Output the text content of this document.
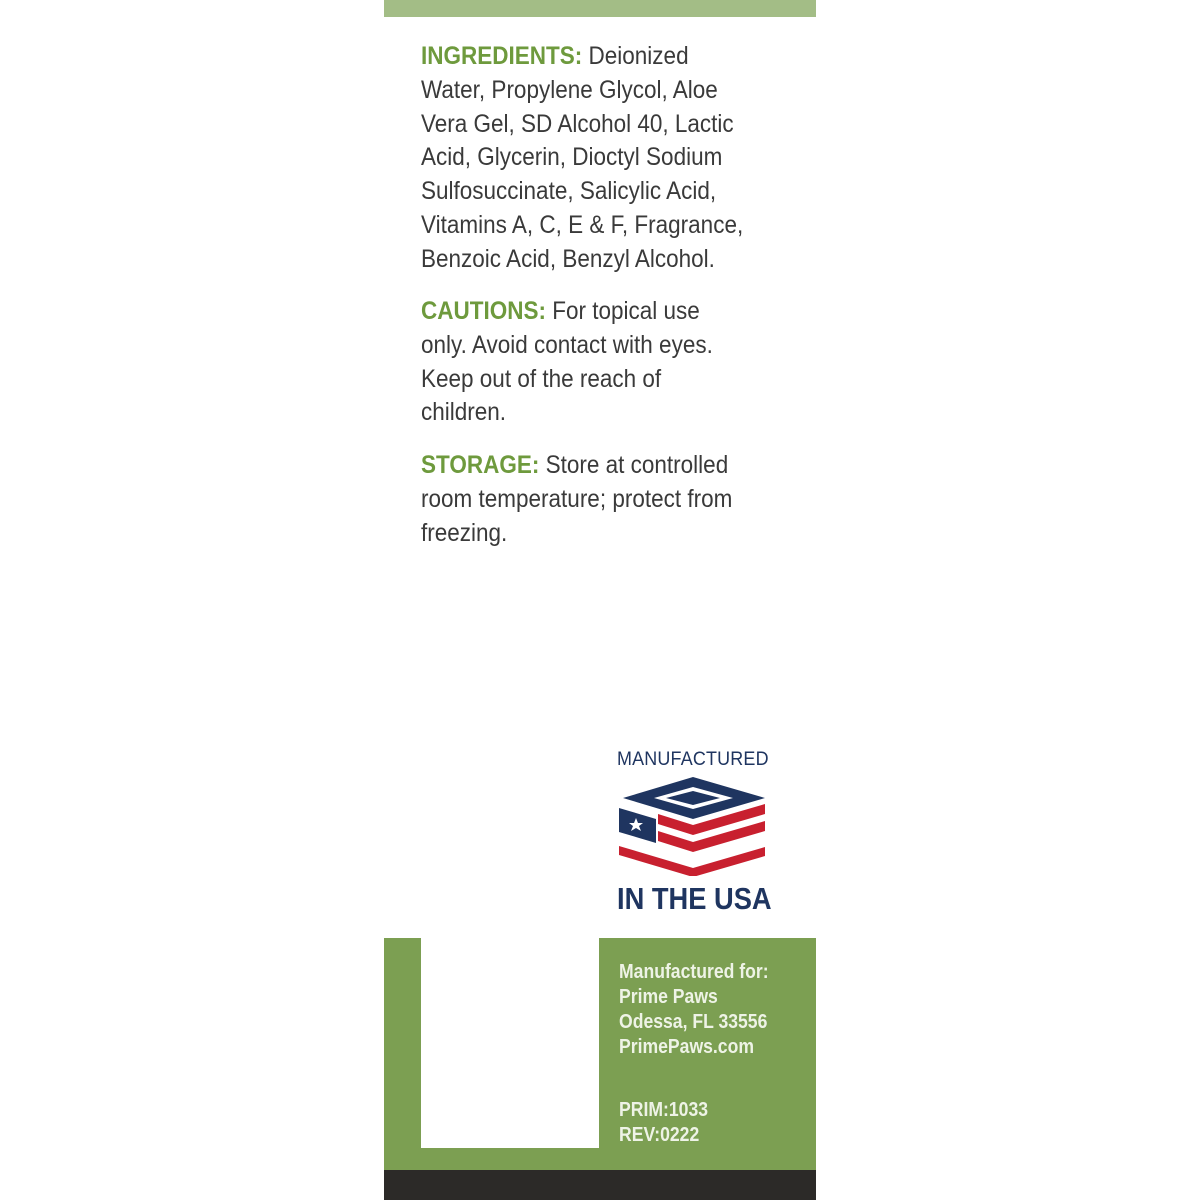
INGREDIENTS: Deionized Water, Propylene Glycol, Aloe Vera Gel, SD Alcohol 40, Lactic Acid, Glycerin, Dioctyl Sodium Sulfosuccinate, Salicylic Acid, Vitamins A, C, E & F, Fragrance, Benzoic Acid, Benzyl Alcohol.
CAUTIONS: For topical use only. Avoid contact with eyes. Keep out of the reach of children.
STORAGE: Store at controlled room temperature; protect from freezing.
MANUFACTURED
IN THE USA
Manufactured for:
Prime Paws
Odessa, FL 33556
PrimePaws.com
PRIM:1033
REV:0222
